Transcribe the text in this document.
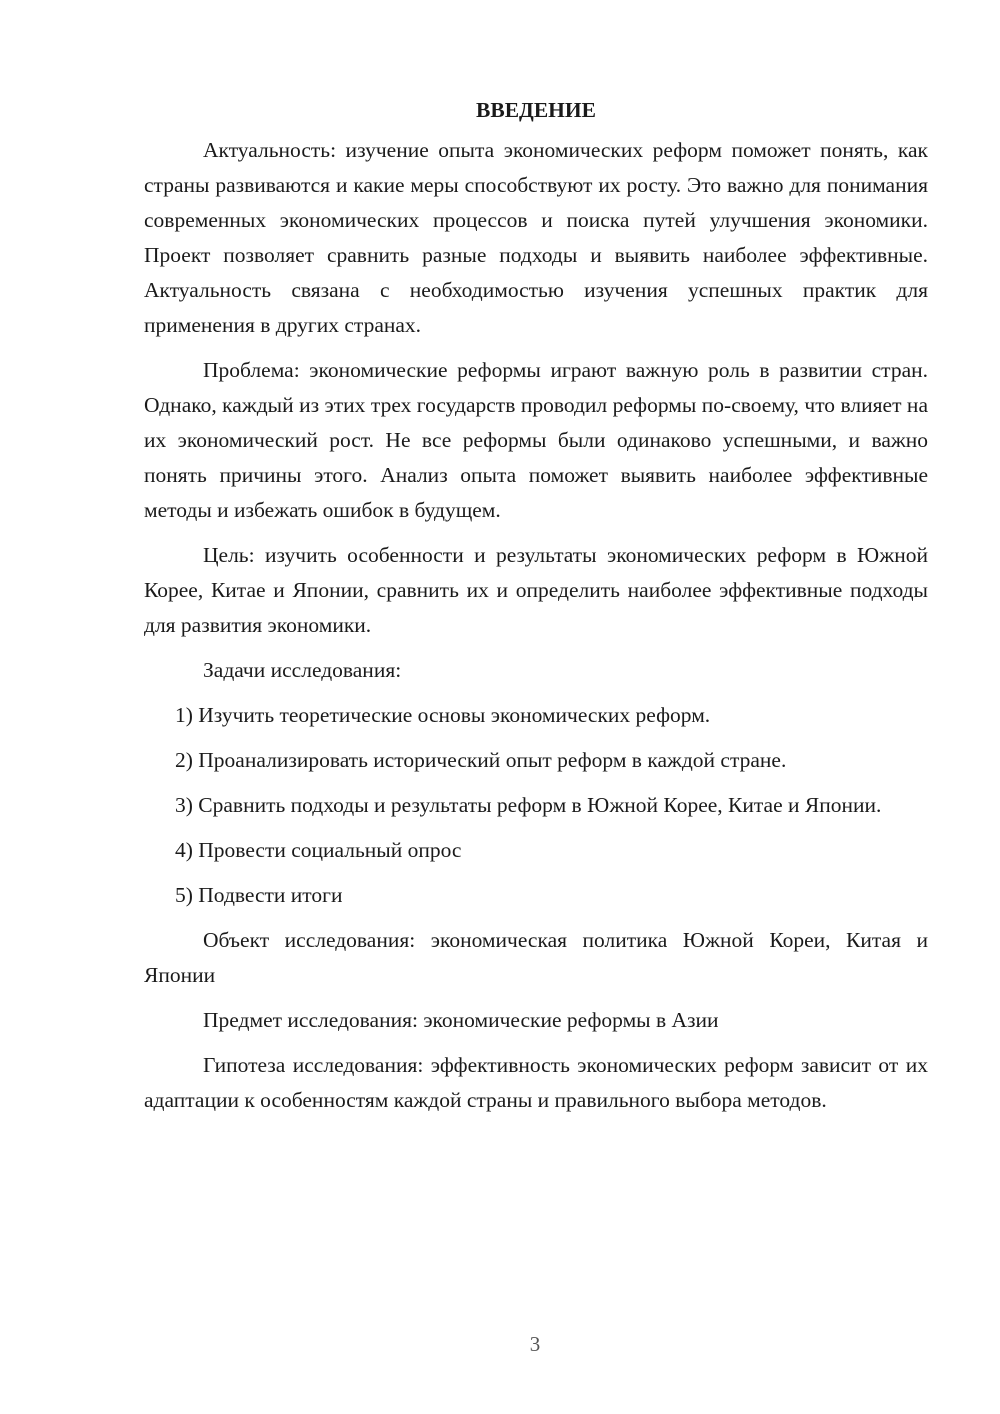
ВВЕДЕНИЕ

Актуальность: изучение опыта экономических реформ поможет понять, как страны развиваются и какие меры способствуют их росту. Это важно для понимания современных экономических процессов и поиска путей улучшения экономики. Проект позволяет сравнить разные подходы и выявить наиболее эффективные. Актуальность связана с необходимостью изучения успешных практик для применения в других странах.

Проблема: экономические реформы играют важную роль в развитии стран. Однако, каждый из этих трех государств проводил реформы по-своему, что влияет на их экономический рост. Не все реформы были одинаково успешными, и важно понять причины этого. Анализ опыта поможет выявить наиболее эффективные методы и избежать ошибок в будущем.

Цель: изучить особенности и результаты экономических реформ в Южной Корее, Китае и Японии, сравнить их и определить наиболее эффективные подходы для развития экономики.

Задачи исследования:

1) Изучить теоретические основы экономических реформ.

2) Проанализировать исторический опыт реформ в каждой стране.

3) Сравнить подходы и результаты реформ в Южной Корее, Китае и Японии.

4) Провести социальный опрос

5) Подвести итоги

Объект исследования: экономическая политика Южной Кореи, Китая и Японии

Предмет исследования: экономические реформы в Азии

Гипотеза исследования: эффективность экономических реформ зависит от их адаптации к особенностям каждой страны и правильного выбора методов.

3
